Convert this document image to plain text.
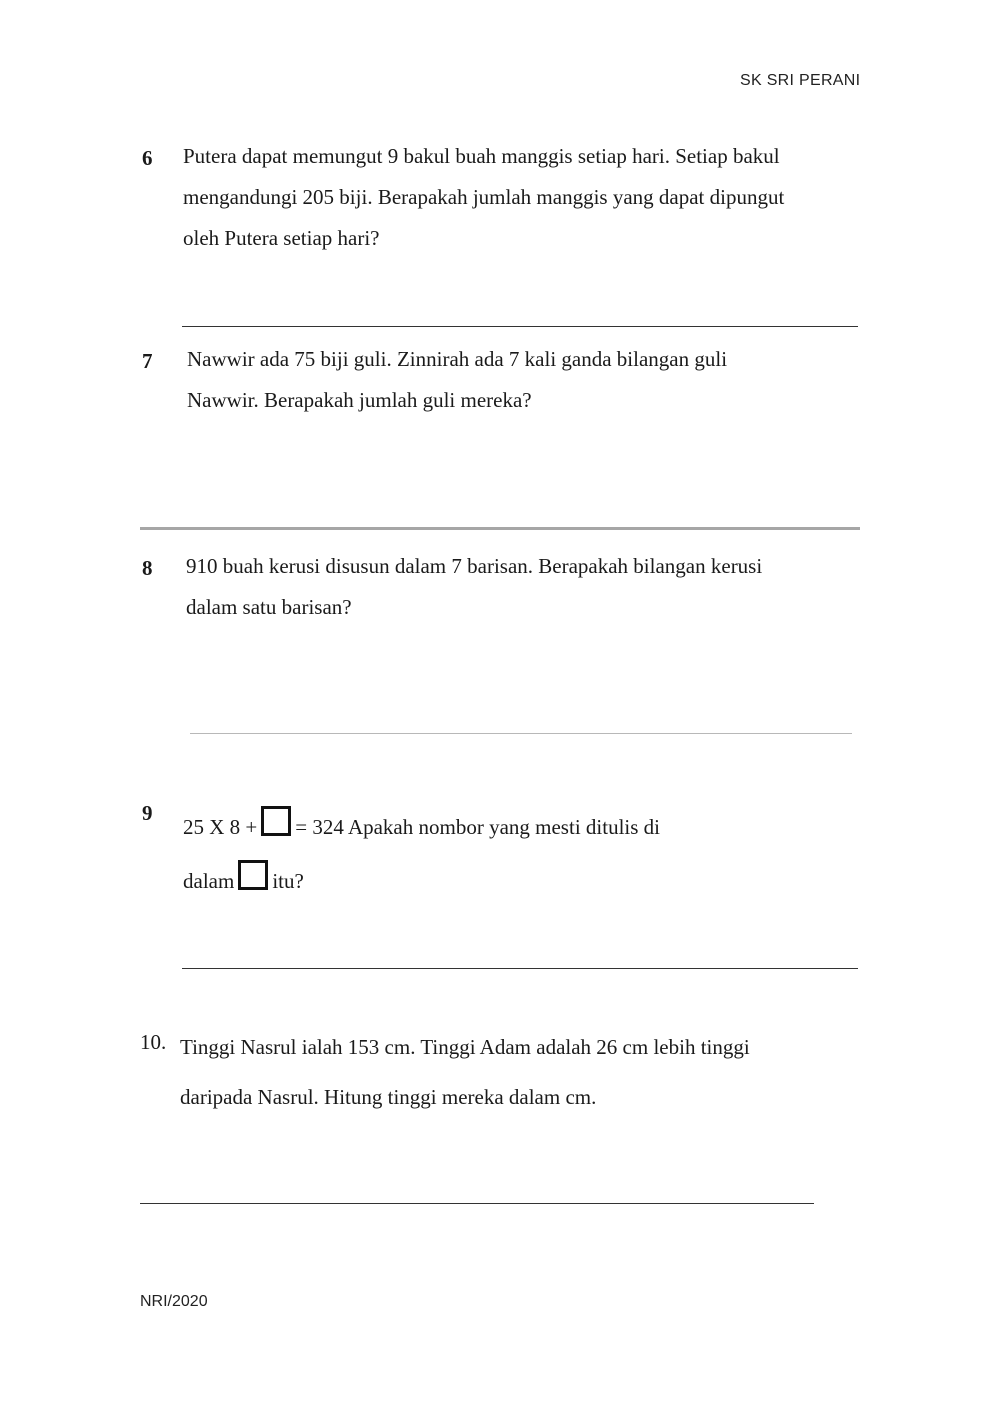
SK SRI PERANI
6 Putera dapat memungut 9 bakul buah manggis setiap hari. Setiap bakul
mengandungi 205 biji. Berapakah jumlah manggis yang dapat dipungut
oleh Putera setiap hari?
7 Nawwir ada 75 biji guli. Zinnirah ada 7 kali ganda bilangan guli
Nawwir. Berapakah jumlah guli mereka?
8 910 buah kerusi disusun dalam 7 barisan. Berapakah bilangan kerusi
dalam satu barisan?
9
25 X 8 + = 324 Apakah nombor yang mesti ditulis di
dalam itu?
10. Tinggi Nasrul ialah 153 cm. Tinggi Adam adalah 26 cm lebih tinggi
daripada Nasrul. Hitung tinggi mereka dalam cm.
NRI/2020
